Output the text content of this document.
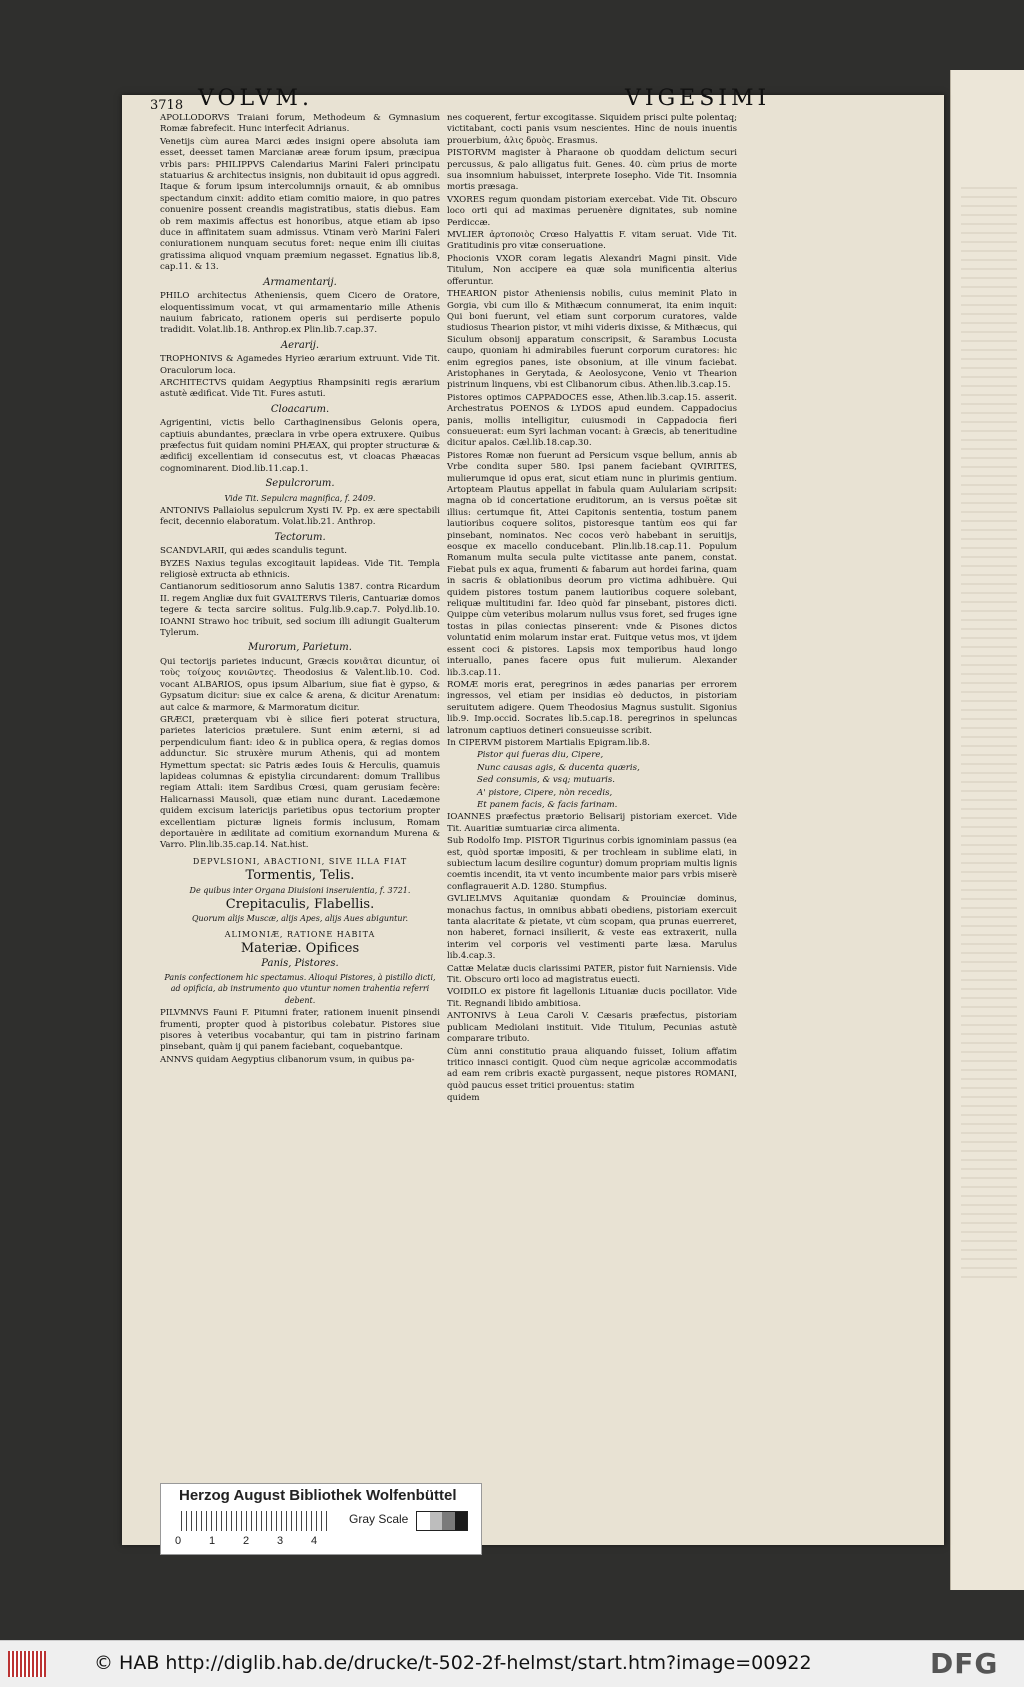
3718 VOLVM.	VIGESIMI

APOLLODORVS Traiani forum, Methodeum & Gymnasium Romæ fabrefecit. Hunc interfecit Adrianus.

Venetijs cùm aurea Marci ædes insigni opere absoluta iam esset, deesset tamen Marcianæ areæ forum ipsum, præcipua vrbis pars: PHILIPPVS Calendarius Marini Faleri principatu statuarius & architectus insignis, non dubitauit id opus aggredi. Itaque & forum ipsum intercolumnijs ornauit, & ab omnibus spectandum cinxit: addito etiam comitio maiore, in quo patres conuenire possent creandis magistratibus, statis diebus. Eam ob rem maximis affectus est honoribus, atque etiam ab ipso duce in affinitatem suam admissus. Vtinam verò Marini Faleri coniurationem nunquam secutus foret: neque enim illi ciuitas gratissima aliquod vnquam præmium negasset. Egnatius lib.8, cap.11. & 13.

Armamentarij.

PHILO architectus Atheniensis, quem Cicero de Oratore, eloquentissimum vocat, vt qui armamentario mille Athenis nauium fabricato, rationem operis sui perdiserte populo tradidit. Volat.lib.18. Anthrop.ex Plin.lib.7.cap.37.

Aerarij.

TROPHONIVS & Agamedes Hyrieo ærarium extruunt. Vide Tit. Oraculorum loca.

ARCHITECTVS quidam Aegyptius Rhampsiniti regis ærarium astutè ædificat. Vide Tit. Fures astuti.

Cloacarum.

Agrigentini, victis bello Carthaginensibus Gelonis opera, captiuis abundantes, præclara in vrbe opera extruxere. Quibus præfectus fuit quidam nomini PHÆAX, qui propter structuræ & ædificij excellentiam id consecutus est, vt cloacas Phæacas cognominarent. Diod.lib.11.cap.1.

Sepulcrorum.

Vide Tit. Sepulcra magnifica, f. 2409.

ANTONIVS Pallaiolus sepulcrum Xysti IV. Pp. ex ære spectabili fecit, decennio elaboratum. Volat.lib.21. Anthrop.

Tectorum.

SCANDVLARII, qui ædes scandulis tegunt.

BYZES Naxius tegulas excogitauit lapideas. Vide Tit. Templa religiosè extructa ab ethnicis.

Cantianorum seditiosorum anno Salutis 1387. contra Ricardum II. regem Angliæ dux fuit GVALTERVS Tileris, Cantuariæ domos tegere & tecta sarcire solitus. Fulg.lib.9.cap.7. Polyd.lib.10. IOANNI Strawo hoc tribuit, sed socium illi adiungit Gualterum Tylerum.

Murorum, Parietum.

Qui tectorijs parietes inducunt, Græcis κονιᾶται dicuntur, οἱ τοὺς τοίχους κονιῶντες. Theodosius & Valent.lib.10. Cod. vocant ALBARIOS, opus ipsum Albarium, siue fiat è gypso, & Gypsatum dicitur: siue ex calce & arena, & dicitur Arenatum: aut calce & marmore, & Marmoratum dicitur.

GRÆCI, præterquam vbi è silice fieri poterat structura, parietes latericios prætulere. Sunt enim æterni, si ad perpendiculum fiant: ideo & in publica opera, & regias domos addunctur. Sic struxère murum Athenis, qui ad montem Hymettum spectat: sic Patris ædes Iouis & Herculis, quamuis lapideas columnas & epistylia circundarent: domum Trallibus regiam Attali: item Sardibus Crœsi, quam gerusiam fecère: Halicarnassi Mausoli, quæ etiam nunc durant. Lacedæmone quidem excisum latericijs parietibus opus tectorium propter excellentiam picturæ ligneis formis inclusum, Romam deportauère in ædilitate ad comitium exornandum Murena & Varro. Plin.lib.35.cap.14. Nat.hist.

DEPVLSIONI, ABACTIONI, SIVE ILLA FIAT

Tormentis, Telis.

De quibus inter Organa Diuisioni inseruientia, f. 3721.

Crepitaculis, Flabellis.

Quorum alijs Muscæ, alijs Apes, alijs Aues abiguntur.

ALIMONIÆ, RATIONE HABITA

Materiæ. Opifices

Panis, Pistores.

Panis confectionem hic spectamus. Alioqui Pistores, à pistillo dicti, ad opificia, ab instrumento quo vtuntur nomen trahentia referri debent.

PILVMNVS Fauni F. Pitumni frater, rationem inuenit pinsendi frumenti, propter quod à pistoribus colebatur. Pistores siue pisores à veteribus vocabantur, qui tam in pistrino farinam pinsebant, quàm ij qui panem faciebant, coquebantque.

ANNVS quidam Aegyptius clibanorum vsum, in quibus pa-

nes coquerent, fertur excogitasse. Siquidem prisci pulte polentaq; victitabant, cocti panis vsum nescientes. Hinc de nouis inuentis prouerbium, ἀλις δρυὸς. Erasmus.

PISTORVM magister à Pharaone ob quoddam delictum securi percussus, & palo alligatus fuit. Genes. 40. cùm prius de morte sua insomnium habuisset, interprete Iosepho. Vide Tit. Insomnia mortis præsaga.

VXORES regum quondam pistoriam exercebat. Vide Tit. Obscuro loco orti qui ad maximas peruenère dignitates, sub nomine Perdiccæ.

MVLIER ἀρτοποιὸς Crœso Halyattis F. vitam seruat. Vide Tit. Gratitudinis pro vitæ conseruatione.

Phocionis VXOR coram legatis Alexandri Magni pinsit. Vide Titulum, Non accipere ea quæ sola munificentia alterius offeruntur.

THEARION pistor Atheniensis nobilis, cuius meminit Plato in Gorgia, vbi cum illo & Mithæcum connumerat, ita enim inquit: Qui boni fuerunt, vel etiam sunt corporum curatores, valde studiosus Thearion pistor, vt mihi videris dixisse, & Mithæcus, qui Siculum obsonij apparatum conscripsit, & Sarambus Locusta caupo, quoniam hi admirabiles fuerunt corporum curatores: hic enim egregios panes, iste obsonium, at ille vinum faciebat. Aristophanes in Gerytada, & Aeolosycone, Venio vt Thearion pistrinum linquens, vbi est Clibanorum cibus. Athen.lib.3.cap.15.

Pistores optimos CAPPADOCES esse, Athen.lib.3.cap.15. asserit. Archestratus POENOS & LYDOS apud eundem. Cappadocius panis, mollis intelligitur, cuiusmodi in Cappadocia fieri consueuerat: eum Syri lachman vocant: à Græcis, ab teneritudine dicitur apalos. Cæl.lib.18.cap.30.

Pistores Romæ non fuerunt ad Persicum vsque bellum, annis ab Vrbe condita super 580. Ipsi panem faciebant QVIRITES, mulierumque id opus erat, sicut etiam nunc in plurimis gentium. Artopteam Plautus appellat in fabula quam Aululariam scripsit: magna ob id concertatione eruditorum, an is versus poëtæ sit illius: certumque fit, Attei Capitonis sententia, tostum panem lautioribus coquere solitos, pistoresque tantùm eos qui far pinsebant, nominatos. Nec cocos verò habebant in seruitijs, eosque ex macello conducebant. Plin.lib.18.cap.11. Populum Romanum multa secula pulte victitasse ante panem, constat. Fiebat puls ex aqua, frumenti & fabarum aut hordei farina, quam in sacris & oblationibus deorum pro victima adhibuère. Qui quidem pistores tostum panem lautioribus coquere solebant, reliquæ multitudini far. Ideo quòd far pinsebant, pistores dicti. Quippe cùm veteribus molarum nullus vsus foret, sed fruges igne tostas in pilas coniectas pinserent: vnde & Pisones dictos voluntatid enim molarum instar erat. Fuitque vetus mos, vt ijdem essent coci & pistores. Lapsis mox temporibus haud longo interuallo, panes facere opus fuit mulierum. Alexander lib.3.cap.11.

ROMÆ moris erat, peregrinos in ædes panarias per errorem ingressos, vel etiam per insidias eò deductos, in pistoriam seruitutem adigere. Quem Theodosius Magnus sustulit. Sigonius lib.9. Imp.occid. Socrates lib.5.cap.18. peregrinos in speluncas latronum captiuos detineri consueuisse scribit.

In CIPERVM pistorem Martialis Epigram.lib.8.

Pistor qui fueras diu, Cipere,

Nunc causas agis, & ducenta quæris,

Sed consumis, & vsq; mutuaris.

A' pistore, Cipere, nòn recedis,

Et panem facis, & facis farinam.

IOANNES præfectus prætorio Belisarij pistoriam exercet. Vide Tit. Auaritiæ sumtuariæ circa alimenta.

Sub Rodolfo Imp. PISTOR Tigurinus corbis ignominiam passus (ea est, quòd sportæ impositi, & per trochleam in sublime elati, in subiectum lacum desilire coguntur) domum propriam multis lignis coemtis incendit, ita vt vento incumbente maior pars vrbis miserè conflagrauerit A.D. 1280. Stumpfius.

GVLIELMVS Aquitaniæ quondam & Prouinciæ dominus, monachus factus, in omnibus abbati obediens, pistoriam exercuit tanta alacritate & pietate, vt cùm scopam, qua prunas euerreret, non haberet, fornaci insilierit, & veste eas extraxerit, nulla interim vel corporis vel vestimenti parte læsa. Marulus lib.4.cap.3.

Cattæ Melatæ ducis clarissimi PATER, pistor fuit Narniensis. Vide Tit. Obscuro orti loco ad magistratus euecti.

VOIDILO ex pistore fit lagellonis Lituaniæ ducis pocillator. Vide Tit. Regnandi libido ambitiosa.

ANTONIVS à Leua Caroli V. Cæsaris præfectus, pistoriam publicam Mediolani instituit. Vide Titulum, Pecunias astutè comparare tributo.

Cùm anni constitutio praua aliquando fuisset, Iolium affatim tritico innasci contigit. Quod cùm neque agricolæ accommodatis ad eam rem cribris exactè purgassent, neque pistores ROMANI, quòd paucus esset tritici prouentus: statim

quidem

Herzog August Bibliothek Wolfenbüttel
Gray Scale
0	1	2	3	4
© HAB http://diglib.hab.de/drucke/t-502-2f-helmst/start.htm?image=00922	DFG
